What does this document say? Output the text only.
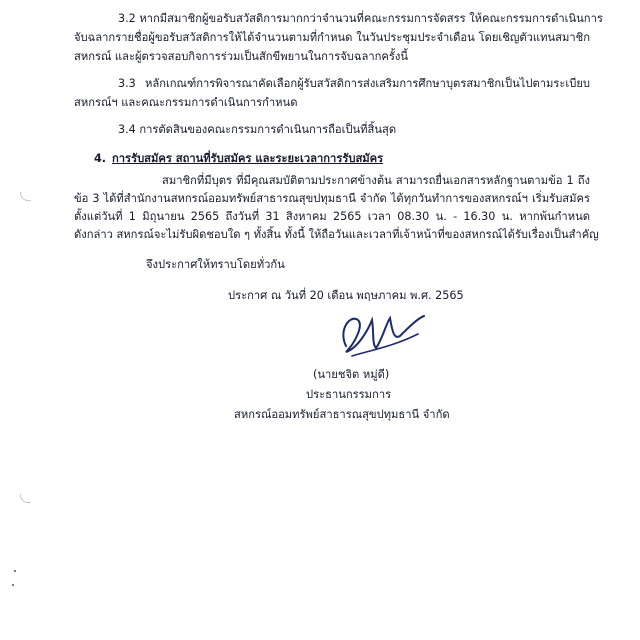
3.2 หากมีสมาชิกผู้ขอรับสวัสดิการมากกว่าจำนวนที่คณะกรรมการจัดสรร ให้คณะกรรมการดำเนินการ
จับฉลากรายชื่อผู้ขอรับสวัสดิการให้ได้จำนวนตามที่กำหนด ในวันประชุมประจำเดือน โดยเชิญตัวแทนสมาชิก
สหกรณ์ และผู้ตรวจสอบกิจการร่วมเป็นสักขีพยานในการจับฉลากครั้งนี้
3.3 หลักเกณฑ์การพิจารณาคัดเลือกผู้รับสวัสดิการส่งเสริมการศึกษาบุตรสมาชิกเป็นไปตามระเบียบ
สหกรณ์ฯ และคณะกรรมการดำเนินการกำหนด
3.4 การตัดสินของคณะกรรมการดำเนินการถือเป็นที่สิ้นสุด
4. การรับสมัคร สถานที่รับสมัคร และระยะเวลาการรับสมัคร
สมาชิกที่มีบุตร ที่มีคุณสมบัติตามประกาศข้างต้น สามารถยื่นเอกสารหลักฐานตามข้อ 1 ถึง
ข้อ 3 ได้ที่สำนักงานสหกรณ์ออมทรัพย์สาธารณสุขปทุมธานี จำกัด ได้ทุกวันทำการของสหกรณ์ฯ เริ่มรับสมัคร
ตั้งแต่วันที่ 1 มิถุนายน 2565 ถึงวันที่ 31 สิงหาคม 2565 เวลา 08.30 น. - 16.30 น. หากพ้นกำหนด
ดังกล่าว สหกรณ์จะไม่รับผิดชอบใด ๆ ทั้งสิ้น ทั้งนี้ ให้ถือวันและเวลาที่เจ้าหน้าที่ของสหกรณ์ได้รับเรื่องเป็นสำคัญ
จึงประกาศให้ทราบโดยทั่วกัน
ประกาศ ณ วันที่ 20 เดือน พฤษภาคม พ.ศ. 2565
(นายชจิต หมู่ดี)
ประธานกรรมการ
สหกรณ์ออมทรัพย์สาธารณสุขปทุมธานี จำกัด
